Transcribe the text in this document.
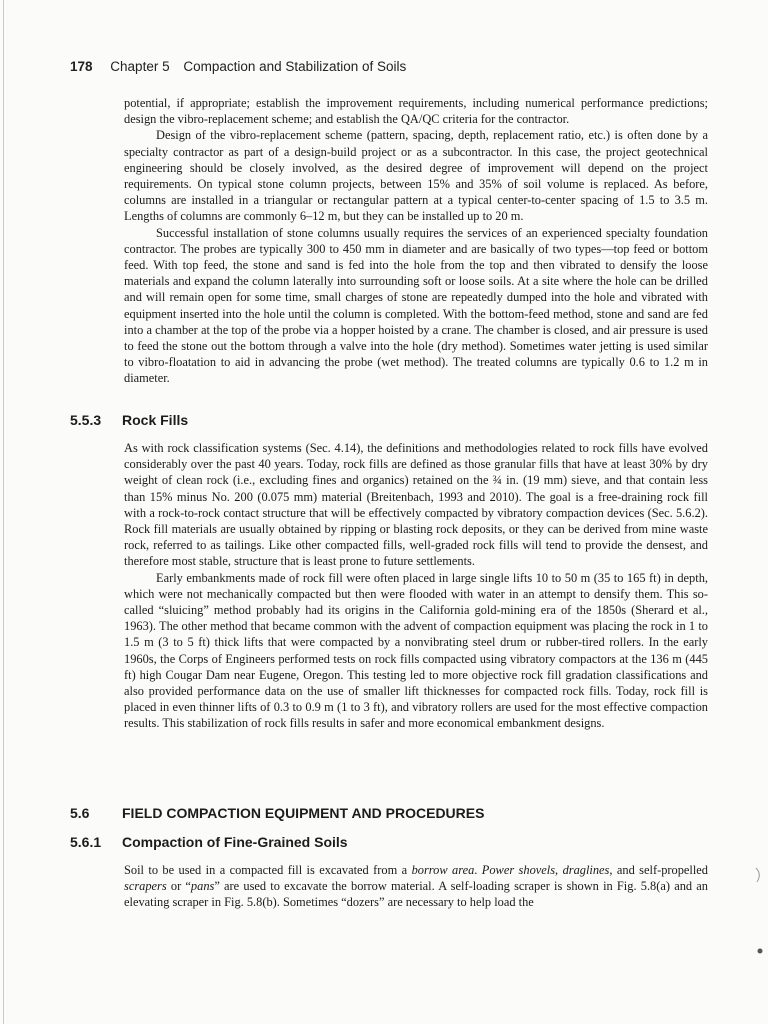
178 Chapter 5 Compaction and Stabilization of Soils

potential, if appropriate; establish the improvement requirements, including numerical performance predictions; design the vibro-replacement scheme; and establish the QA/QC criteria for the contractor.

Design of the vibro-replacement scheme (pattern, spacing, depth, replacement ratio, etc.) is often done by a specialty contractor as part of a design-build project or as a subcontractor. In this case, the project geotechnical engineering should be closely involved, as the desired degree of improvement will depend on the project requirements. On typical stone column projects, between 15% and 35% of soil volume is replaced. As before, columns are installed in a triangular or rectangular pattern at a typical center-to-center spacing of 1.5 to 3.5 m. Lengths of columns are commonly 6–12 m, but they can be installed up to 20 m.

Successful installation of stone columns usually requires the services of an experienced specialty foundation contractor. The probes are typically 300 to 450 mm in diameter and are basically of two types—top feed or bottom feed. With top feed, the stone and sand is fed into the hole from the top and then vibrated to densify the loose materials and expand the column laterally into surrounding soft or loose soils. At a site where the hole can be drilled and will remain open for some time, small charges of stone are repeatedly dumped into the hole and vibrated with equipment inserted into the hole until the column is completed. With the bottom-feed method, stone and sand are fed into a chamber at the top of the probe via a hopper hoisted by a crane. The chamber is closed, and air pressure is used to feed the stone out the bottom through a valve into the hole (dry method). Sometimes water jetting is used similar to vibro-floatation to aid in advancing the probe (wet method). The treated columns are typically 0.6 to 1.2 m in diameter.

5.5.3 Rock Fills

As with rock classification systems (Sec. 4.14), the definitions and methodologies related to rock fills have evolved considerably over the past 40 years. Today, rock fills are defined as those granular fills that have at least 30% by dry weight of clean rock (i.e., excluding fines and organics) retained on the ¾ in. (19 mm) sieve, and that contain less than 15% minus No. 200 (0.075 mm) material (Breitenbach, 1993 and 2010). The goal is a free-draining rock fill with a rock-to-rock contact structure that will be effectively compacted by vibratory compaction devices (Sec. 5.6.2). Rock fill materials are usually obtained by ripping or blasting rock deposits, or they can be derived from mine waste rock, referred to as tailings. Like other compacted fills, well-graded rock fills will tend to provide the densest, and therefore most stable, structure that is least prone to future settlements.

Early embankments made of rock fill were often placed in large single lifts 10 to 50 m (35 to 165 ft) in depth, which were not mechanically compacted but then were flooded with water in an attempt to densify them. This so-called “sluicing” method probably had its origins in the California gold-mining era of the 1850s (Sherard et al., 1963). The other method that became common with the advent of compaction equipment was placing the rock in 1 to 1.5 m (3 to 5 ft) thick lifts that were compacted by a nonvibrating steel drum or rubber-tired rollers. In the early 1960s, the Corps of Engineers performed tests on rock fills compacted using vibratory compactors at the 136 m (445 ft) high Cougar Dam near Eugene, Oregon. This testing led to more objective rock fill gradation classifications and also provided performance data on the use of smaller lift thicknesses for compacted rock fills. Today, rock fill is placed in even thinner lifts of 0.3 to 0.9 m (1 to 3 ft), and vibratory rollers are used for the most effective compaction results. This stabilization of rock fills results in safer and more economical embankment designs.

5.6 FIELD COMPACTION EQUIPMENT AND PROCEDURES
5.6.1 Compaction of Fine-Grained Soils

Soil to be used in a compacted fill is excavated from a borrow area. Power shovels, draglines, and self-propelled scrapers or “pans” are used to excavate the borrow material. A self-loading scraper is shown in Fig. 5.8(a) and an elevating scraper in Fig. 5.8(b). Sometimes “dozers” are necessary to help load the
